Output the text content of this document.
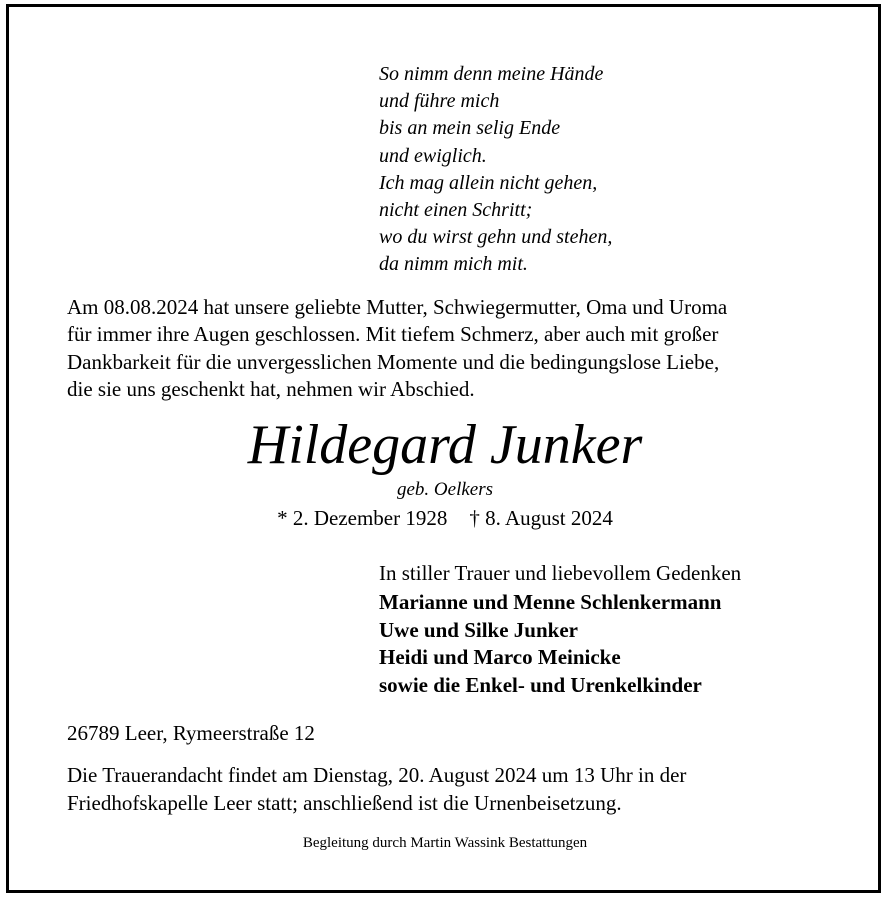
So nimm denn meine Hände
und führe mich
bis an mein selig Ende
und ewiglich.
Ich mag allein nicht gehen,
nicht einen Schritt;
wo du wirst gehn und stehen,
da nimm mich mit.
Am 08.08.2024 hat unsere geliebte Mutter, Schwiegermutter, Oma und Uroma
für immer ihre Augen geschlossen. Mit tiefem Schmerz, aber auch mit großer
Dankbarkeit für die unvergesslichen Momente und die bedingungslose Liebe,
die sie uns geschenkt hat, nehmen wir Abschied.
Hildegard Junker
geb. Oelkers
* 2. Dezember 1928 † 8. August 2024
In stiller Trauer und liebevollem Gedenken
Marianne und Menne Schlenkermann
Uwe und Silke Junker
Heidi und Marco Meinicke
sowie die Enkel- und Urenkelkinder
26789 Leer, Rymeerstraße 12
Die Trauerandacht findet am Dienstag, 20. August 2024 um 13 Uhr in der
Friedhofskapelle Leer statt; anschließend ist die Urnenbeisetzung.
Begleitung durch Martin Wassink Bestattungen
